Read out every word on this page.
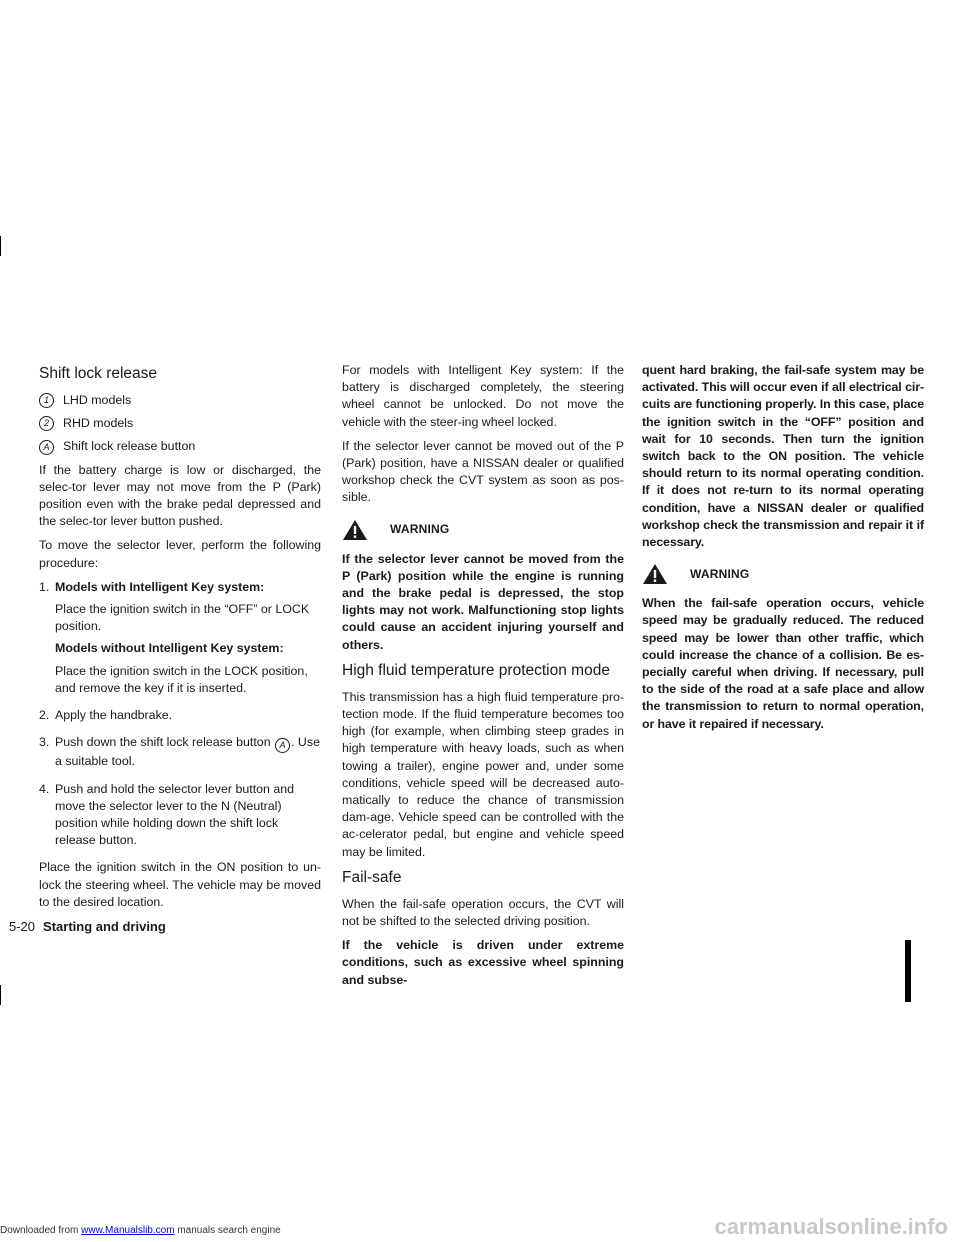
Shift lock release
1	LHD models
2	RHD models
A	Shift lock release button

If the battery charge is low or discharged, the selec-tor lever may not move from the P (Park) position even with the brake pedal depressed and the selec-tor lever button pushed.

To move the selector lever, perform the following procedure:

1. Models with Intelligent Key system:

Place the ignition switch in the “OFF” or LOCK position.

Models without Intelligent Key system:

Place the ignition switch in the LOCK position, and remove the key if it is inserted.

2. Apply the handbrake.

3. Push down the shift lock release button A . Use a suitable tool.

4. Push and hold the selector lever button and move the selector lever to the N (Neutral) position while holding down the shift lock release button.

Place the ignition switch in the ON position to un-lock the steering wheel. The vehicle may be moved to the desired location.

For models with Intelligent Key system: If the battery is discharged completely, the steering wheel cannot be unlocked. Do not move the vehicle with the steer-ing wheel locked.

If the selector lever cannot be moved out of the P (Park) position, have a NISSAN dealer or qualified workshop check the CVT system as soon as pos-sible.

WARNING

If the selector lever cannot be moved from the P (Park) position while the engine is running and the brake pedal is depressed, the stop lights may not work. Malfunctioning stop lights could cause an accident injuring yourself and others.

High fluid temperature protection mode

This transmission has a high fluid temperature pro-tection mode. If the fluid temperature becomes too high (for example, when climbing steep grades in high temperature with heavy loads, such as when towing a trailer), engine power and, under some conditions, vehicle speed will be decreased auto-matically to reduce the chance of transmission dam-age. Vehicle speed can be controlled with the ac-celerator pedal, but engine and vehicle speed may be limited.

Fail-safe

When the fail-safe operation occurs, the CVT will not be shifted to the selected driving position.

If the vehicle is driven under extreme conditions, such as excessive wheel spinning and subse-

quent hard braking, the fail-safe system may be activated. This will occur even if all electrical cir-cuits are functioning properly. In this case, place the ignition switch in the “OFF” position and wait for 10 seconds. Then turn the ignition switch back to the ON position. The vehicle should return to its normal operating condition. If it does not re-turn to its normal operating condition, have a NISSAN dealer or qualified workshop check the transmission and repair it if necessary.

WARNING

When the fail-safe operation occurs, vehicle speed may be gradually reduced. The reduced speed may be lower than other traffic, which could increase the chance of a collision. Be es-pecially careful when driving. If necessary, pull to the side of the road at a safe place and allow the transmission to return to normal operation, or have it repaired if necessary.

5-20 Starting and driving
Downloaded from www.Manualslib.com manuals search engine	carmanualsonline.info
